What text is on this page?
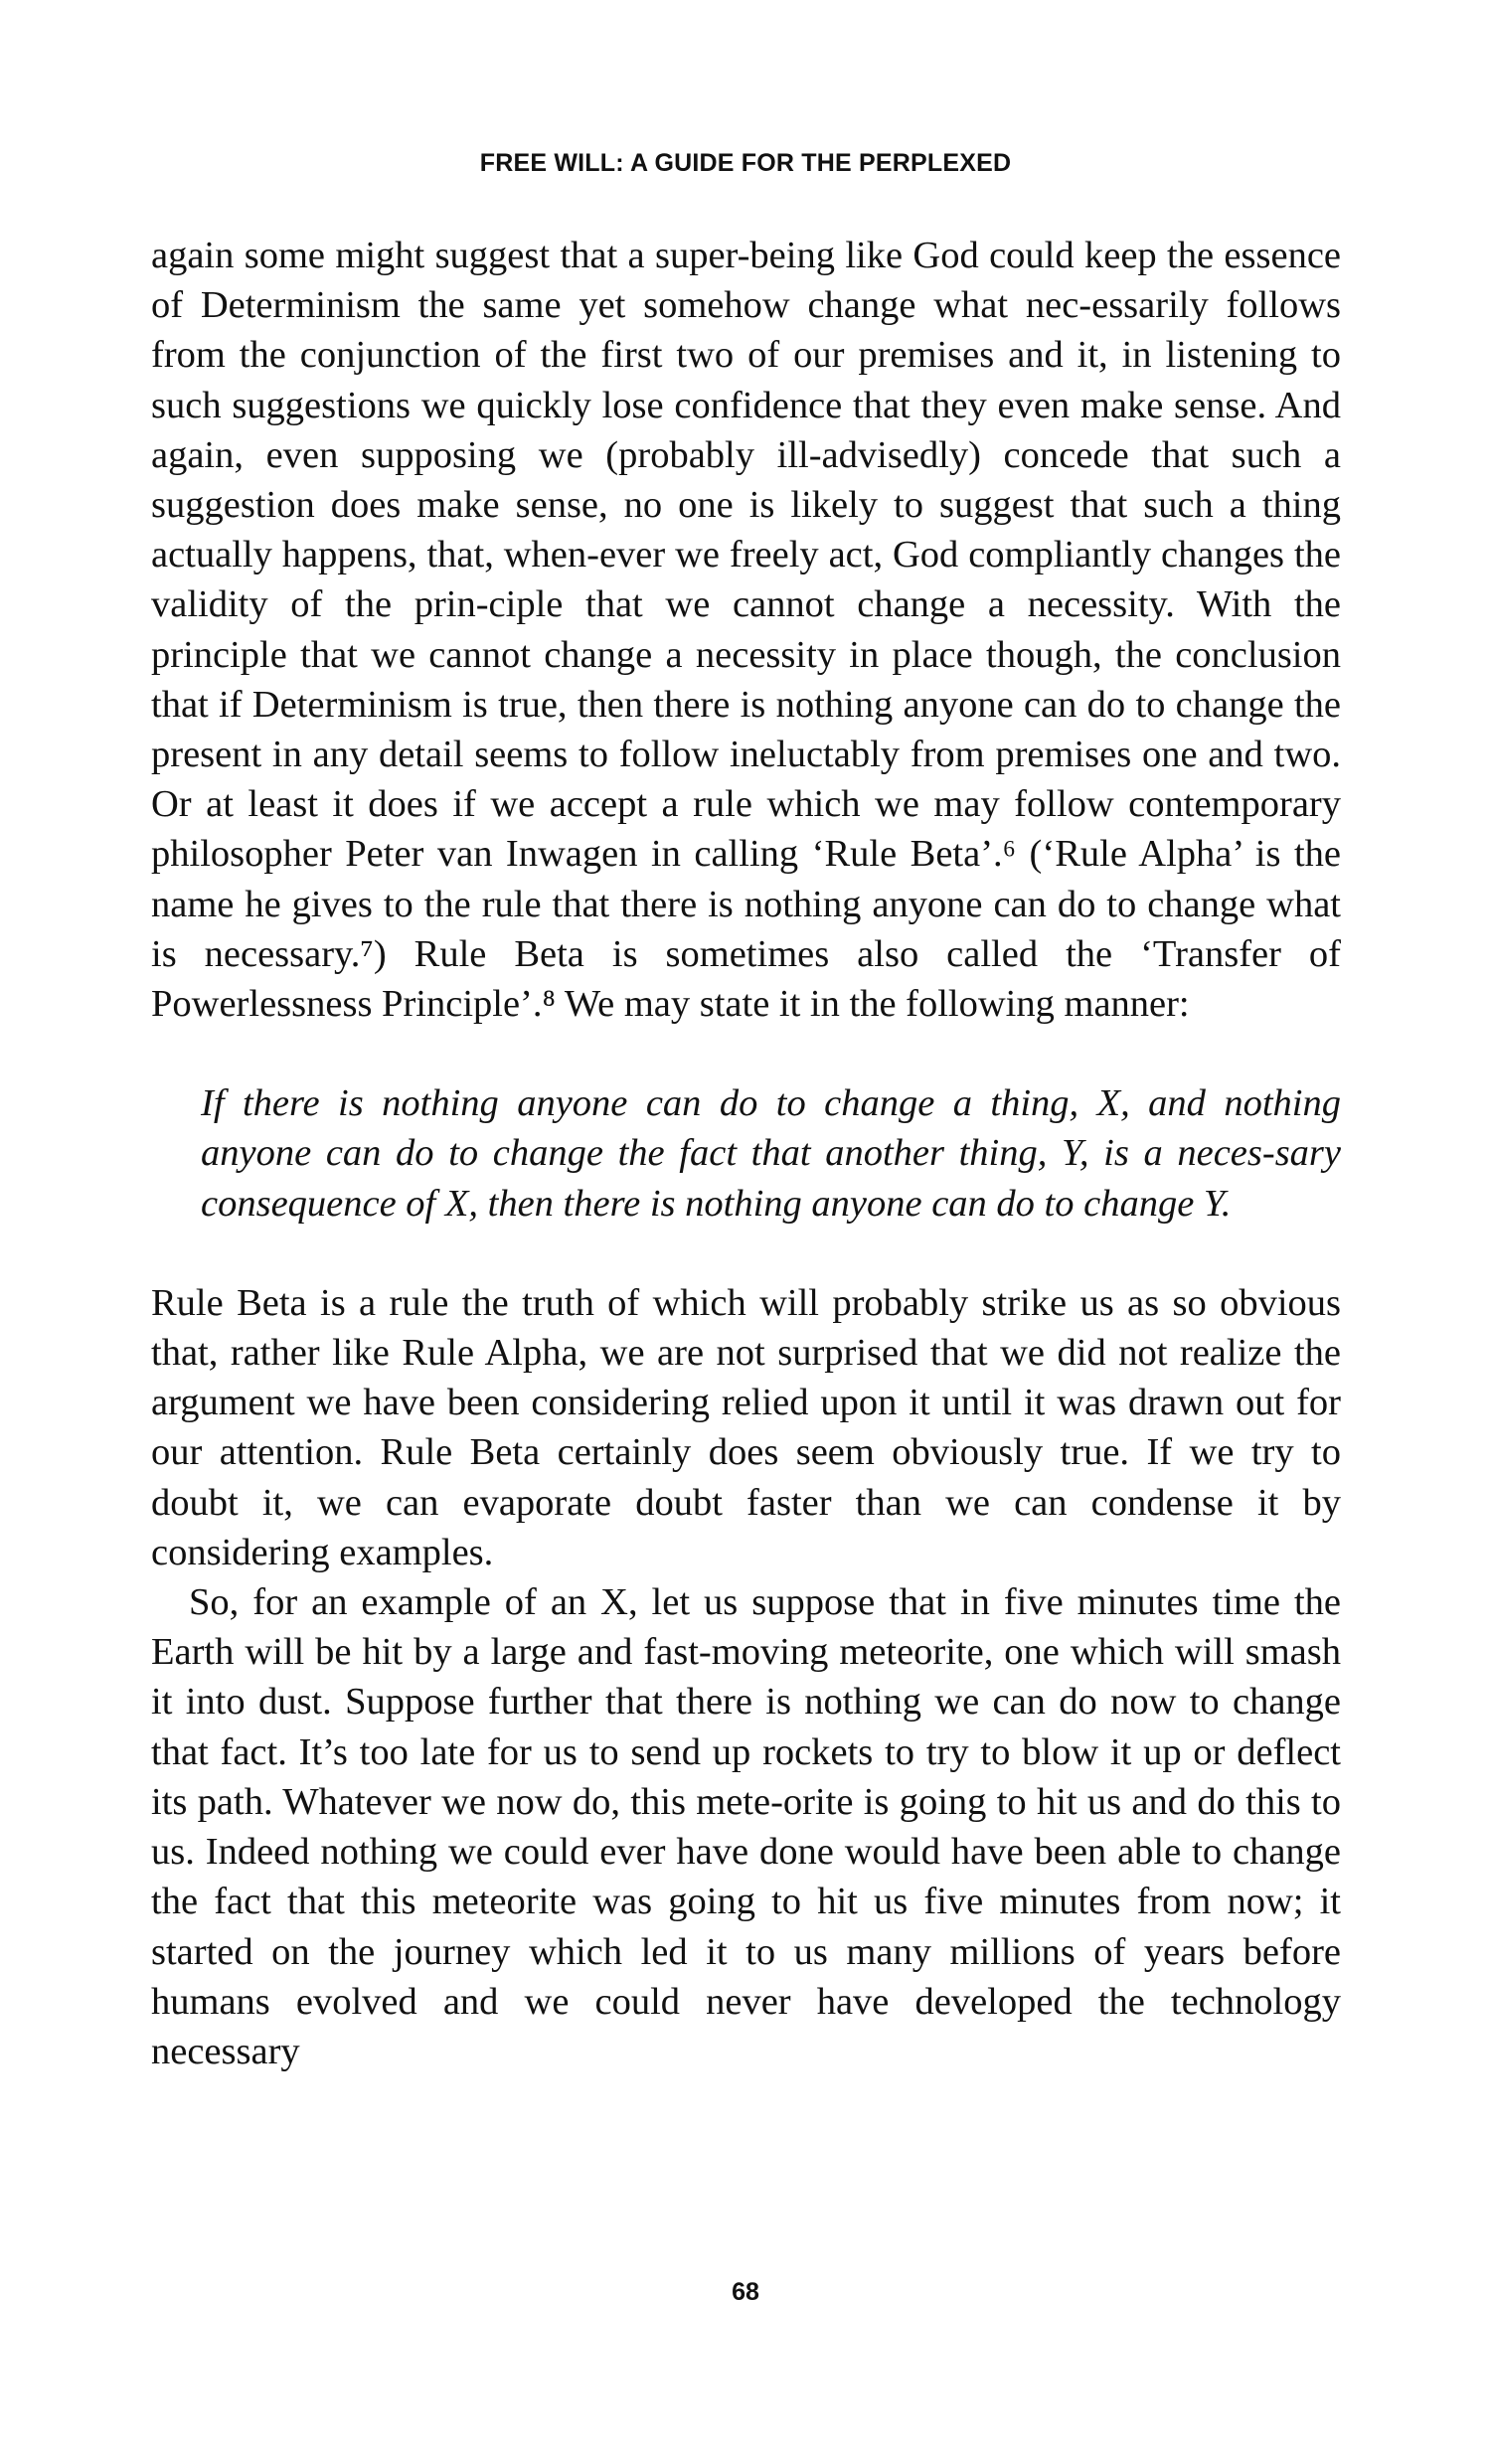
FREE WILL: A GUIDE FOR THE PERPLEXED

again some might suggest that a super-being like God could keep the essence of Determinism the same yet somehow change what nec-essarily follows from the conjunction of the first two of our premises and it, in listening to such suggestions we quickly lose confidence that they even make sense. And again, even supposing we (probably ill-advisedly) concede that such a suggestion does make sense, no one is likely to suggest that such a thing actually happens, that, when-ever we freely act, God compliantly changes the validity of the prin-ciple that we cannot change a necessity. With the principle that we cannot change a necessity in place though, the conclusion that if Determinism is true, then there is nothing anyone can do to change the present in any detail seems to follow ineluctably from premises one and two. Or at least it does if we accept a rule which we may follow contemporary philosopher Peter van Inwagen in calling ‘Rule Beta’.⁶ (‘Rule Alpha’ is the name he gives to the rule that there is nothing anyone can do to change what is necessary.⁷) Rule Beta is sometimes also called the ‘Transfer of Powerlessness Principle’.⁸ We may state it in the following manner:

If there is nothing anyone can do to change a thing, X, and nothing anyone can do to change the fact that another thing, Y, is a neces-sary consequence of X, then there is nothing anyone can do to change Y.

Rule Beta is a rule the truth of which will probably strike us as so obvious that, rather like Rule Alpha, we are not surprised that we did not realize the argument we have been considering relied upon it until it was drawn out for our attention. Rule Beta certainly does seem obviously true. If we try to doubt it, we can evaporate doubt faster than we can condense it by considering examples.

So, for an example of an X, let us suppose that in five minutes time the Earth will be hit by a large and fast-moving meteorite, one which will smash it into dust. Suppose further that there is nothing we can do now to change that fact. It’s too late for us to send up rockets to try to blow it up or deflect its path. Whatever we now do, this mete-orite is going to hit us and do this to us. Indeed nothing we could ever have done would have been able to change the fact that this meteorite was going to hit us five minutes from now; it started on the journey which led it to us many millions of years before humans evolved and we could never have developed the technology necessary

68
